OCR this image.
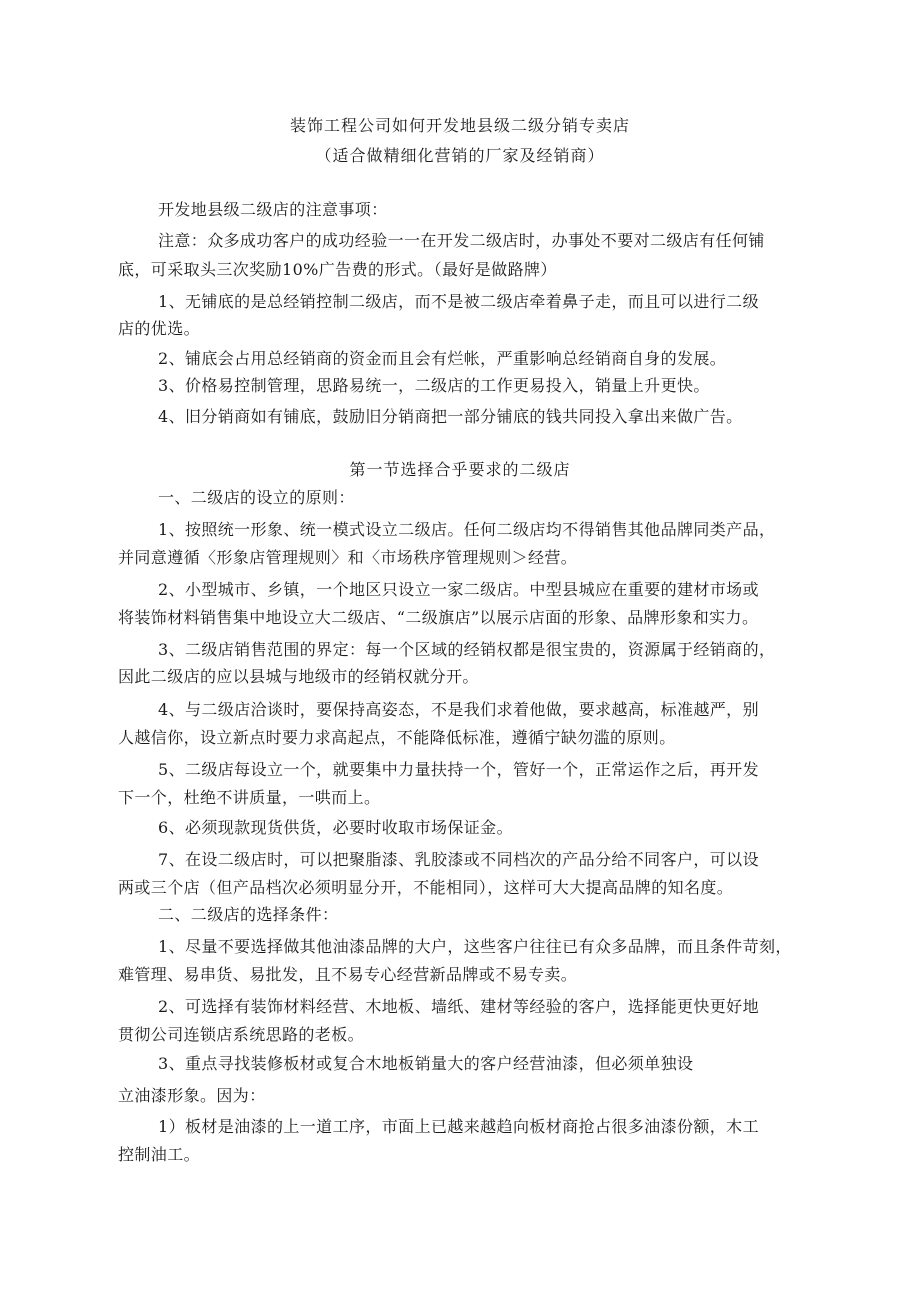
装饰工程公司如何开发地县级二级分销专卖店
（适合做精细化营销的厂家及经销商）
开发地县级二级店的注意事项：
注意：众多成功客户的成功经验一一在开发二级店时，办事处不要对二级店有任何铺
底，可采取头三次奖励10%广告费的形式。（最好是做路牌）
1、无铺底的是总经销控制二级店，而不是被二级店牵着鼻子走，而且可以进行二级
店的优选。
2、铺底会占用总经销商的资金而且会有烂帐，严重影响总经销商自身的发展。
3、价格易控制管理，思路易统一，二级店的工作更易投入，销量上升更快。
4、旧分销商如有铺底，鼓励旧分销商把一部分铺底的钱共同投入拿出来做广告。
第一节选择合乎要求的二级店
一、二级店的设立的原则：
1、按照统一形象、统一模式设立二级店。任何二级店均不得销售其他品牌同类产品，
并同意遵循〈形象店管理规则〉和〈市场秩序管理规则＞经营。
2、小型城市、乡镇，一个地区只设立一家二级店。中型县城应在重要的建材市场或
将装饰材料销售集中地设立大二级店、“二级旗店”以展示店面的形象、品牌形象和实力。
3、二级店销售范围的界定：每一个区域的经销权都是很宝贵的，资源属于经销商的，
因此二级店的应以县城与地级市的经销权就分开。
4、与二级店洽谈时，要保持高姿态，不是我们求着他做，要求越高，标准越严，别
人越信你，设立新点时要力求高起点，不能降低标准，遵循宁缺勿滥的原则。
5、二级店每设立一个，就要集中力量扶持一个，管好一个，正常运作之后，再开发
下一个，杜绝不讲质量，一哄而上。
6、必须现款现货供货，必要时收取市场保证金。
7、在设二级店时，可以把聚脂漆、乳胶漆或不同档次的产品分给不同客户，可以设
两或三个店（但产品档次必须明显分开，不能相同），这样可大大提高品牌的知名度。
二、二级店的选择条件：
1、尽量不要选择做其他油漆品牌的大户，这些客户往往已有众多品牌，而且条件苛刻，
难管理、易串货、易批发，且不易专心经营新品牌或不易专卖。
2、可选择有装饰材料经营、木地板、墙纸、建材等经验的客户，选择能更快更好地
贯彻公司连锁店系统思路的老板。
3、重点寻找装修板材或复合木地板销量大的客户经营油漆，但必须单独设
立油漆形象。因为：
1）板材是油漆的上一道工序，市面上已越来越趋向板材商抢占很多油漆份额，木工
控制油工。
